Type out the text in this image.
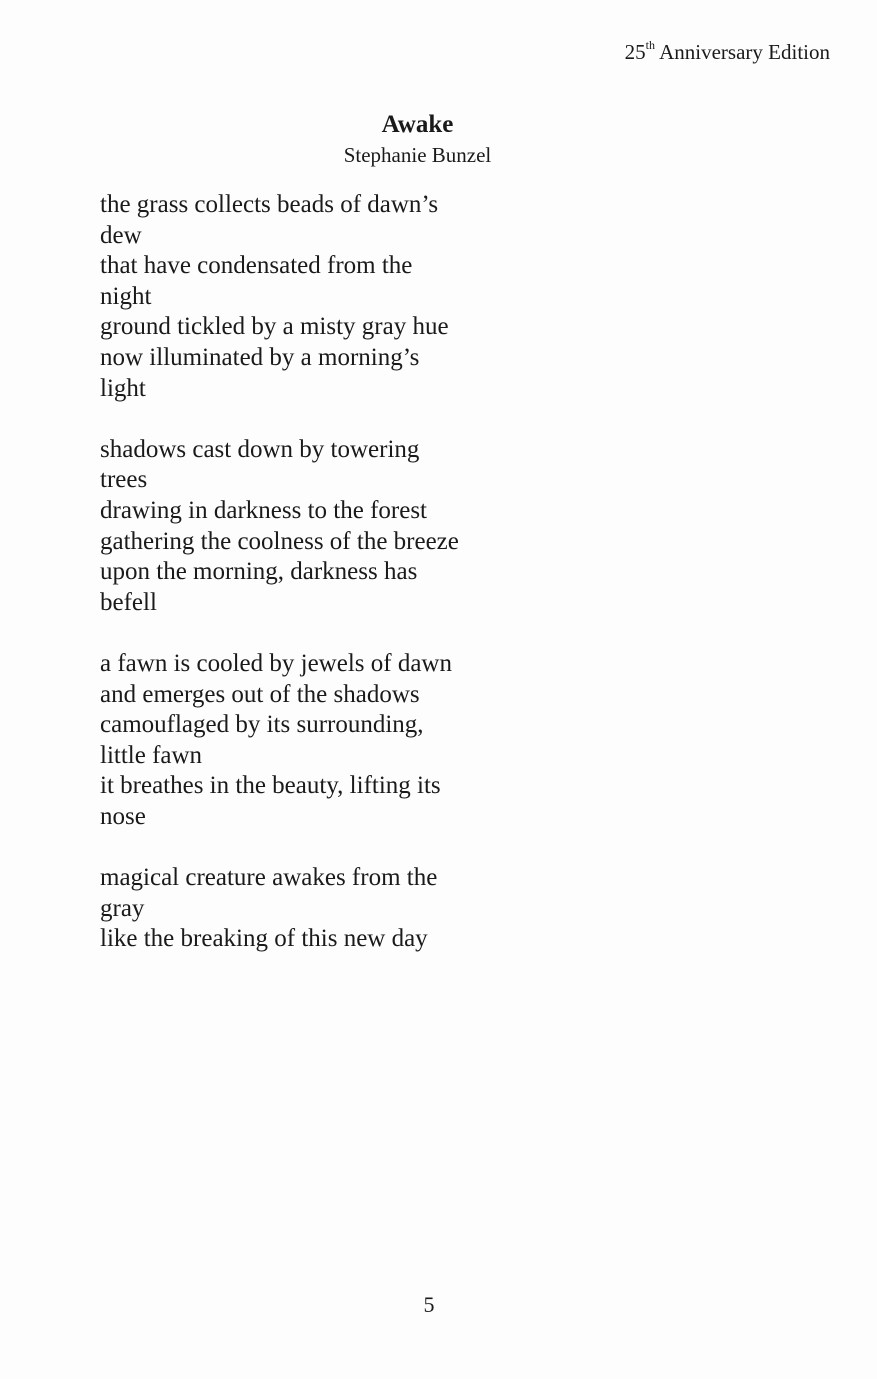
25th Anniversary Edition
Awake

Stephanie Bunzel

the grass collects beads of dawn’s
dew
that have condensated from the
night
ground tickled by a misty gray hue
now illuminated by a morning’s
light

shadows cast down by towering
trees
drawing in darkness to the forest
gathering the coolness of the breeze
upon the morning, darkness has
befell

a fawn is cooled by jewels of dawn
and emerges out of the shadows
camouflaged by its surrounding,
little fawn
it breathes in the beauty, lifting its
nose

magical creature awakes from the
gray
like the breaking of this new day

5
